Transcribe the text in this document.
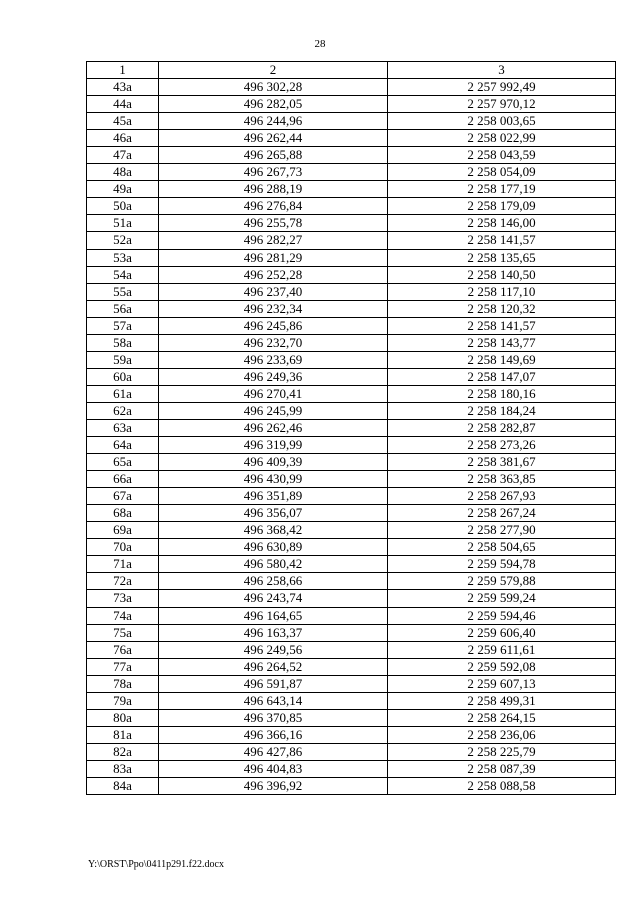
28
1	2	3
43a	496 302,28	2 257 992,49
44a	496 282,05	2 257 970,12
45a	496 244,96	2 258 003,65
46a	496 262,44	2 258 022,99
47a	496 265,88	2 258 043,59
48a	496 267,73	2 258 054,09
49a	496 288,19	2 258 177,19
50a	496 276,84	2 258 179,09
51a	496 255,78	2 258 146,00
52a	496 282,27	2 258 141,57
53a	496 281,29	2 258 135,65
54a	496 252,28	2 258 140,50
55a	496 237,40	2 258 117,10
56a	496 232,34	2 258 120,32
57a	496 245,86	2 258 141,57
58a	496 232,70	2 258 143,77
59a	496 233,69	2 258 149,69
60a	496 249,36	2 258 147,07
61a	496 270,41	2 258 180,16
62a	496 245,99	2 258 184,24
63a	496 262,46	2 258 282,87
64a	496 319,99	2 258 273,26
65a	496 409,39	2 258 381,67
66a	496 430,99	2 258 363,85
67a	496 351,89	2 258 267,93
68a	496 356,07	2 258 267,24
69a	496 368,42	2 258 277,90
70a	496 630,89	2 258 504,65
71a	496 580,42	2 259 594,78
72a	496 258,66	2 259 579,88
73a	496 243,74	2 259 599,24
74a	496 164,65	2 259 594,46
75a	496 163,37	2 259 606,40
76a	496 249,56	2 259 611,61
77a	496 264,52	2 259 592,08
78a	496 591,87	2 259 607,13
79a	496 643,14	2 258 499,31
80a	496 370,85	2 258 264,15
81a	496 366,16	2 258 236,06
82a	496 427,86	2 258 225,79
83a	496 404,83	2 258 087,39
84a	496 396,92	2 258 088,58
Y:\ORST\Ppo\0411p291.f22.docx
